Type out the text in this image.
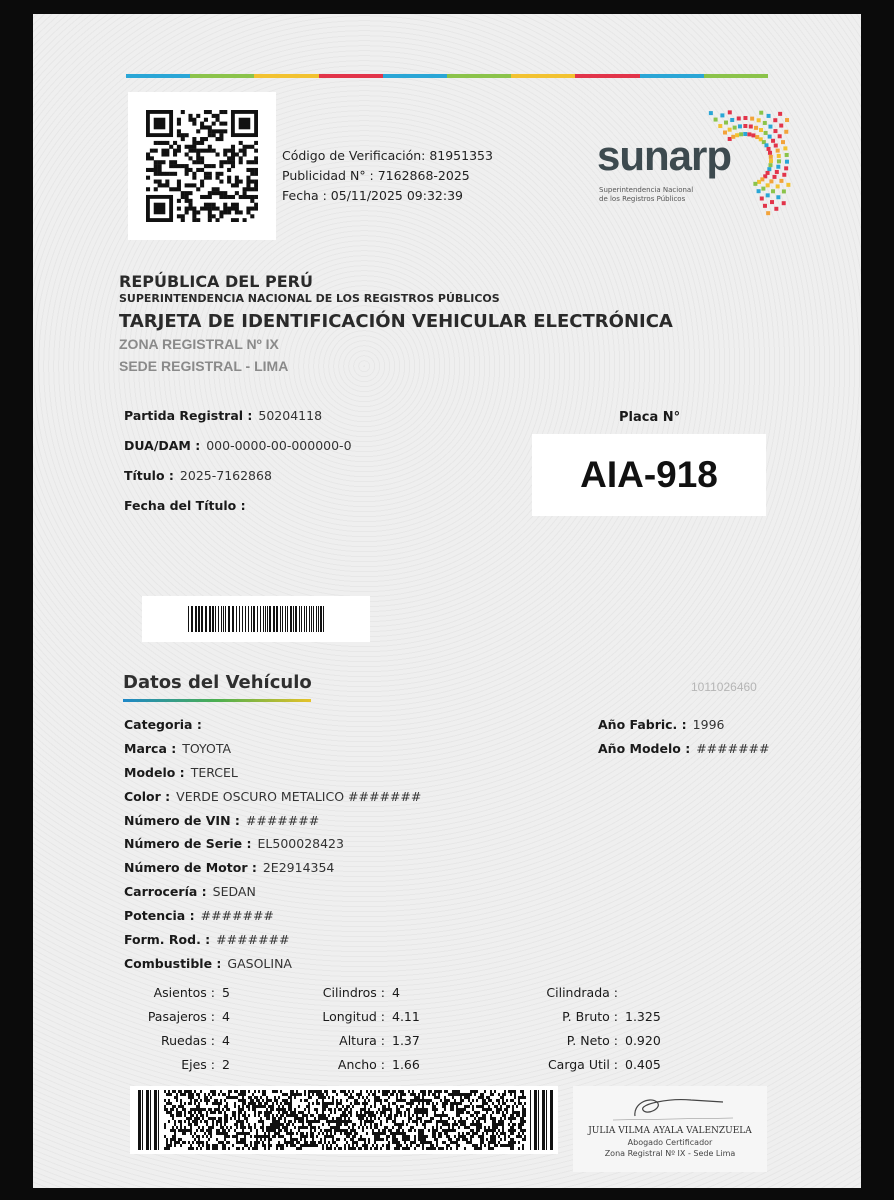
Código de Verificación: 81951353
Publicidad N° : 7162868-2025
Fecha : 05/11/2025 09:32:39
sunarp
Superintendencia Nacional
de los Registros Públicos
REPÚBLICA DEL PERÚ
SUPERINTENDENCIA NACIONAL DE LOS REGISTROS PÚBLICOS
TARJETA DE IDENTIFICACIÓN VEHICULAR ELECTRÓNICA
ZONA REGISTRAL Nº IX
SEDE REGISTRAL - LIMA
Partida Registral : 50204118
DUA/DAM : 000-0000-00-000000-0
Título : 2025-7162868
Fecha del Título :
Placa N°
AIA-918
Datos del Vehículo	1011026460
Categoria :
Marca : TOYOTA
Modelo : TERCEL
Color : VERDE OSCURO METALICO #######
Número de VIN : #######
Número de Serie : EL500028423
Número de Motor : 2E2914354
Carrocería : SEDAN
Potencia : #######
Form. Rod. : #######
Combustible : GASOLINA
Año Fabric. : 1996
Año Modelo : #######
Asientos : 5
Pasajeros : 4
Ruedas : 4
Ejes : 2
Cilindros : 4
Longitud : 4.11
Altura : 1.37
Ancho : 1.66
Cilindrada :
P. Bruto : 1.325
P. Neto : 0.920
Carga Util : 0.405
JULIA VILMA AYALA VALENZUELA
Abogado Certificador
Zona Registral Nº IX - Sede Lima
